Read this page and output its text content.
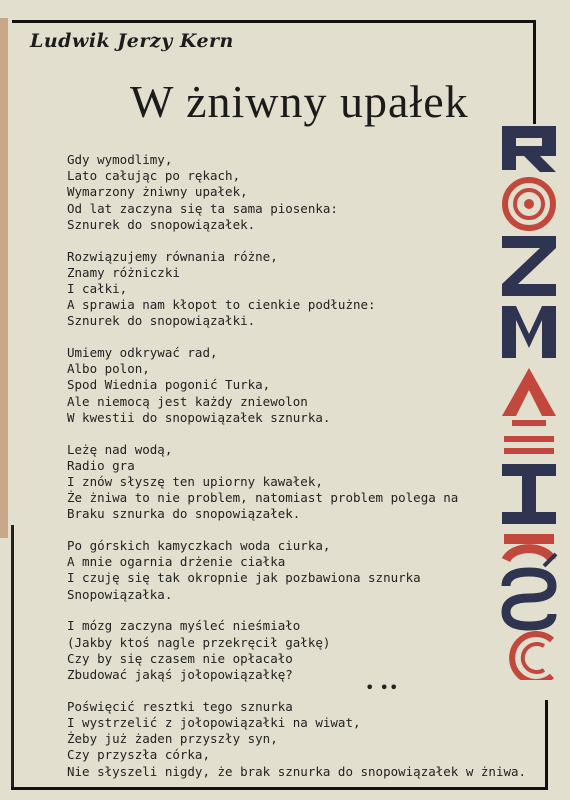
Ludwik Jerzy Kern
W żniwny upałek
Gdy wymodlimy,
Lato całując po rękach,
Wymarzony żniwny upałek,
Od lat zaczyna się ta sama piosenka:
Sznurek do snopowiązałek.
Rozwiązujemy równania różne,
Znamy różniczki
I całki,
A sprawia nam kłopot to cienkie podłużne:
Sznurek do snopowiązałki.
Umiemy odkrywać rad,
Albo polon,
Spod Wiednia pogonić Turka,
Ale niemocą jest każdy zniewolon
W kwestii do snopowiązałek sznurka.
Leżę nad wodą,
Radio gra
I znów słyszę ten upiorny kawałek,
Że żniwa to nie problem, natomiast problem polega na
Braku sznurka do snopowiązałek.
Po górskich kamyczkach woda ciurka,
A mnie ogarnia drżenie ciałka
I czuję się tak okropnie jak pozbawiona sznurka
Snopowiązałka.
I mózg zaczyna myśleć nieśmiało
(Jakby ktoś nagle przekręcił gałkę)
Czy by się czasem nie opłacało
Zbudować jakąś jołopowiązałkę?
Poświęcić resztki tego sznurka
I wystrzelić z jołopowiązałki na wiwat,
Żeby już żaden przyszły syn,
Czy przyszła córka,
Nie słyszeli nigdy, że brak sznurka do snopowiązałek w żniwa.
• ••
